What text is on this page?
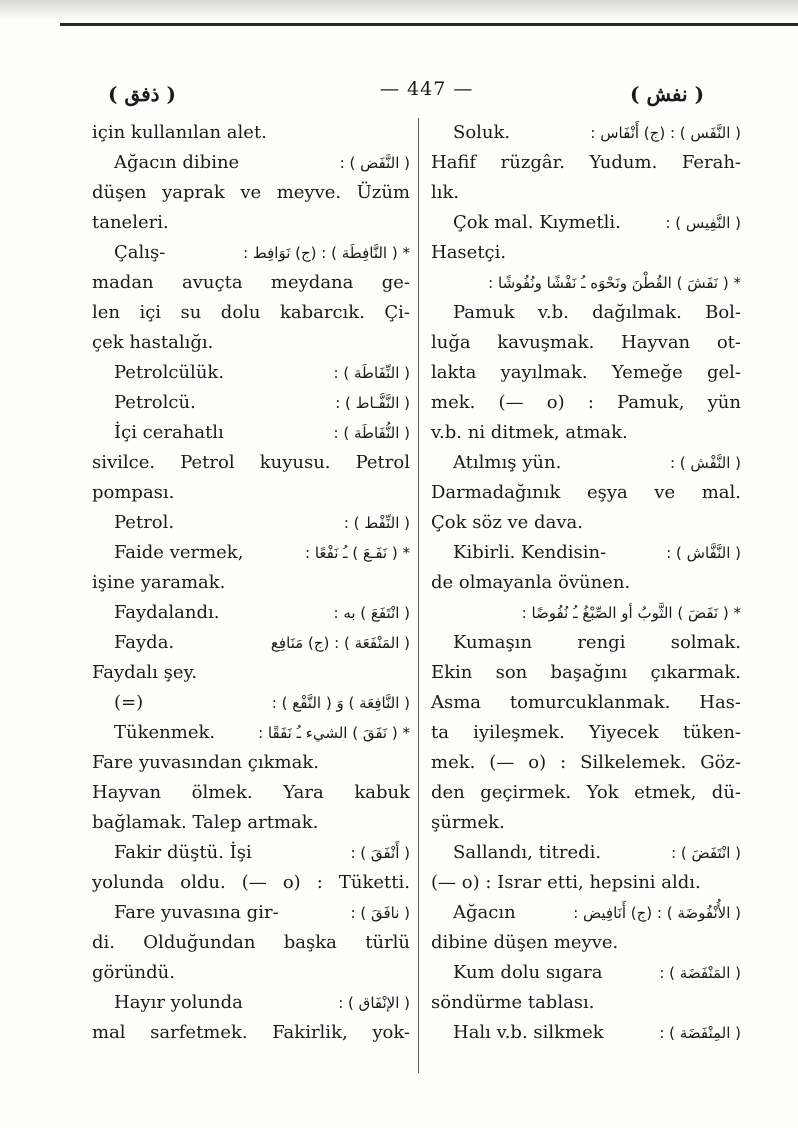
( ذفق )	— 447 —	( نفش )
için kullanılan alet.
Ağacın dibine	( النَّفَض ) :
düşen yaprak ve meyve. Üzüm
taneleri.
Çalış-	* ( النَّافِطَة ) : (ج) نَوَافِط :
madan avuçta meydana ge-
len içi su dolu kabarcık. Çi-
çek hastalığı.
Petrolcülük.	( النِّفَاطَة ) :
Petrolcü.	( النَّفَّـاط ) :
İçi cerahatlı	( النُّفَاطَة ) :
sivilce. Petrol kuyusu. Petrol
pompası.
Petrol.	( النِّفْط ) :
Faide vermek,	* ( نَفَـعَ ) ـُ نَفْعًا :
işine yaramak.
Faydalandı.	( انْتَفَعَ ) به :
Fayda.	( المَنْفَعَة ) : (ج) مَنَافِع
Faydalı şey.
(=)	( النَّافِعَة ) وَ ( النَّفْع ) :
Tükenmek.	* ( نَفَقَ ) الشيء ـُ نَفَقًا :
Fare yuvasından çıkmak.
Hayvan ölmek. Yara kabuk
bağlamak. Talep artmak.
Fakir düştü. İşi	( أَنْفَقَ ) :
yolunda oldu. (— o) : Tüketti.
Fare yuvasına gir-	( نافَقَ ) :
di. Olduğundan başka türlü
göründü.
Hayır yolunda	( الإنْفَاق ) :
mal sarfetmek. Fakirlik, yok-
Soluk.	( النَّفَس ) : (ج) أَنْفَاس :
Hafif rüzgâr. Yudum. Ferah-
lık.
Çok mal. Kıymetli.	( النَّفِيس ) :
Hasetçi.
* ( نَفَشَ ) القُطْنَ ونَحْوَه ـُ نَفْشًا ونُفُوشًا :
Pamuk v.b. dağılmak. Bol-
luğa kavuşmak. Hayvan ot-
lakta yayılmak. Yemeğe gel-
mek. (— o) : Pamuk, yün
v.b. ni ditmek, atmak.
Atılmış yün.	( النَّفْش ) :
Darmadağınık eşya ve mal.
Çok söz ve dava.
Kibirli. Kendisin-	( النَّفَّاش ) :
de olmayanla övünen.
* ( نَفَضَ ) الثَّوبُ أو الصِّبْغُ ـُ نُفُوضًا :
Kumaşın rengi solmak.
Ekin son başağını çıkarmak.
Asma tomurcuklanmak. Has-
ta iyileşmek. Yiyecek tüken-
mek. (— o) : Silkelemek. Göz-
den geçirmek. Yok etmek, dü-
şürmek.
Sallandı, titredi.	( انْتَفَضَ ) :
(— o) : Israr etti, hepsini aldı.
Ağacın	( الأُنْفُوضَة ) : (ج) أَنَافِيض :
dibine düşen meyve.
Kum dolu sıgara	( المَنْفَضَة ) :
söndürme tablası.
Halı v.b. silkmek	( المِنْفَضَة ) :
